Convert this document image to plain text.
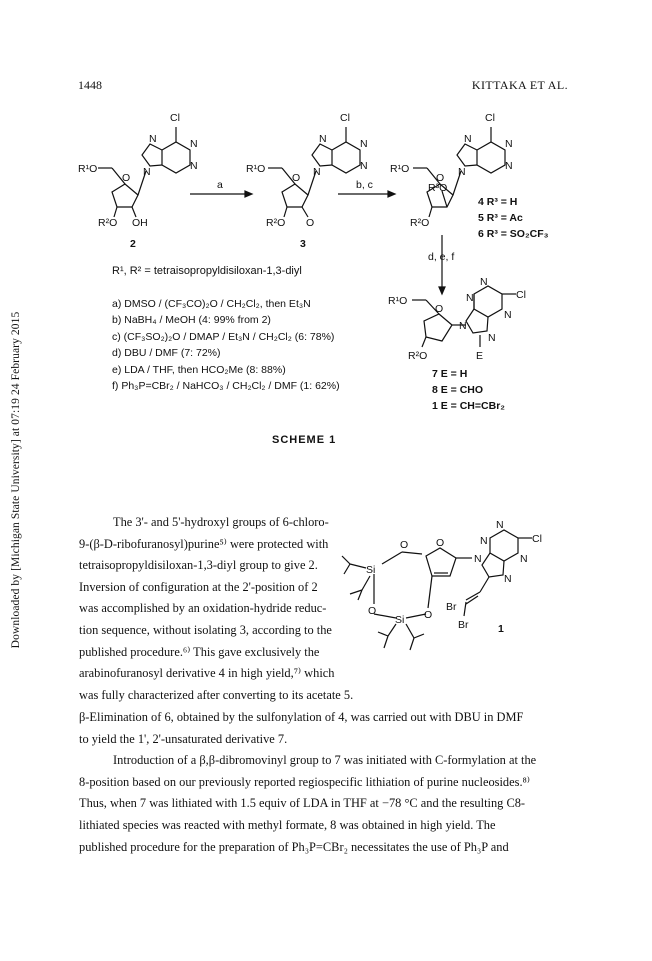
Downloaded by [Michigan State University] at 07:19 24 February 2015
1448	KITTAKA ET AL.
Cl
N	N
N
N
O
R¹O
R²O OH
2
a
Cl
N	N
N
N
O
R¹O
R²O O
3
b, c
Cl
N	N
N
N
O
R¹O
R³O
R²O
4 R³ = H
5 R³ = Ac
6 R³ = SO₂CF₃
d, e, f
N
N	Cl
N
N
N
O
R¹O
R²O	E
7 E = H
8 E = CHO
1 E = CH=CBr₂
R¹, R² = tetraisopropyldisiloxan-1,3-diyl
a) DMSO / (CF₃CO)₂O / CH₂Cl₂, then Et₃N
b) NaBH₄ / MeOH (4: 99% from 2)
c) (CF₃SO₂)₂O / DMAP / Et₃N / CH₂Cl₂ (6: 78%)
d) DBU / DMF (7: 72%)
e) LDA / THF, then HCO₂Me (8: 88%)
f) Ph₃P=CBr₂ / NaHCO₃ / CH₂Cl₂ / DMF (1: 62%)
SCHEME 1
O
Si
O
Si O
O
N
N	Cl
N
N
N
Br
Br	1
The 3'- and 5'-hydroxyl groups of 6-chloro-
9-(β-D-ribofuranosyl)purine⁵⁾ were protected with
tetraisopropyldisiloxan-1,3-diyl group to give 2.
Inversion of configuration at the 2'-position of 2
was accomplished by an oxidation-hydride reduc-
tion sequence, without isolating 3, according to the
published procedure.⁶⁾ This gave exclusively the
arabinofuranosyl derivative 4 in high yield,⁷⁾ which
was fully characterized after converting to its acetate 5.
β-Elimination of 6, obtained by the sulfonylation of 4, was carried out with DBU in DMF
to yield the 1', 2'-unsaturated derivative 7.
Introduction of a β,β-dibromovinyl group to 7 was initiated with C-formylation at the
8-position based on our previously reported regiospecific lithiation of purine nucleosides.⁸⁾
Thus, when 7 was lithiated with 1.5 equiv of LDA in THF at −78 °C and the resulting C8-
lithiated species was reacted with methyl formate, 8 was obtained in high yield. The
published procedure for the preparation of Ph₃P=CBr₂ necessitates the use of Ph₃P and
